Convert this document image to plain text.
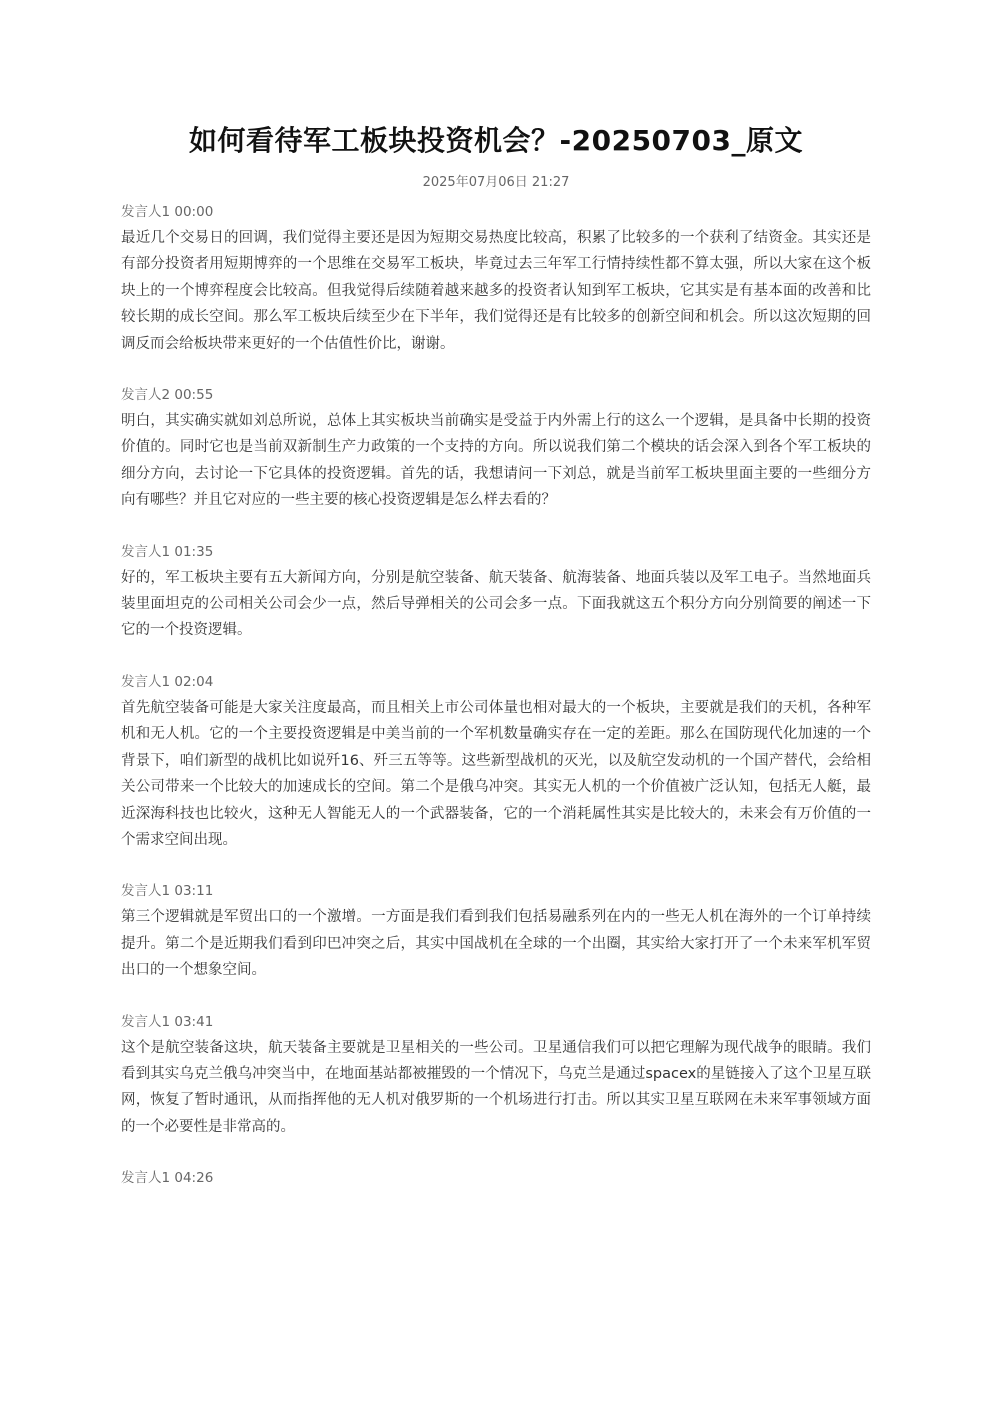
如何看待军工板块投资机会？-20250703_原文
2025年07月06日 21:27

发言人1 00:00

最近几个交易日的回调，我们觉得主要还是因为短期交易热度比较高，积累了比较多的一个获利了结资金。其实还是有部分投资者用短期博弈的一个思维在交易军工板块，毕竟过去三年军工行情持续性都不算太强，所以大家在这个板块上的一个博弈程度会比较高。但我觉得后续随着越来越多的投资者认知到军工板块，它其实是有基本面的改善和比较长期的成长空间。那么军工板块后续至少在下半年，我们觉得还是有比较多的创新空间和机会。所以这次短期的回调反而会给板块带来更好的一个估值性价比，谢谢。

发言人2 00:55

明白，其实确实就如刘总所说，总体上其实板块当前确实是受益于内外需上行的这么一个逻辑，是具备中长期的投资价值的。同时它也是当前双新制生产力政策的一个支持的方向。所以说我们第二个模块的话会深入到各个军工板块的细分方向，去讨论一下它具体的投资逻辑。首先的话，我想请问一下刘总，就是当前军工板块里面主要的一些细分方向有哪些？并且它对应的一些主要的核心投资逻辑是怎么样去看的？

发言人1 01:35

好的，军工板块主要有五大新闻方向，分别是航空装备、航天装备、航海装备、地面兵装以及军工电子。当然地面兵装里面坦克的公司相关公司会少一点，然后导弹相关的公司会多一点。下面我就这五个积分方向分别简要的阐述一下它的一个投资逻辑。

发言人1 02:04

首先航空装备可能是大家关注度最高，而且相关上市公司体量也相对最大的一个板块，主要就是我们的天机，各种军机和无人机。它的一个主要投资逻辑是中美当前的一个军机数量确实存在一定的差距。那么在国防现代化加速的一个背景下，咱们新型的战机比如说歼16、歼三五等等。这些新型战机的灭光，以及航空发动机的一个国产替代，会给相关公司带来一个比较大的加速成长的空间。第二个是俄乌冲突。其实无人机的一个价值被广泛认知，包括无人艇，最近深海科技也比较火，这种无人智能无人的一个武器装备，它的一个消耗属性其实是比较大的，未来会有万价值的一个需求空间出现。

发言人1 03:11

第三个逻辑就是军贸出口的一个激增。一方面是我们看到我们包括易融系列在内的一些无人机在海外的一个订单持续提升。第二个是近期我们看到印巴冲突之后，其实中国战机在全球的一个出圈，其实给大家打开了一个未来军机军贸出口的一个想象空间。

发言人1 03:41

这个是航空装备这块，航天装备主要就是卫星相关的一些公司。卫星通信我们可以把它理解为现代战争的眼睛。我们看到其实乌克兰俄乌冲突当中，在地面基站都被摧毁的一个情况下，乌克兰是通过spacex的星链接入了这个卫星互联网，恢复了暂时通讯，从而指挥他的无人机对俄罗斯的一个机场进行打击。所以其实卫星互联网在未来军事领域方面的一个必要性是非常高的。

发言人1 04:26
